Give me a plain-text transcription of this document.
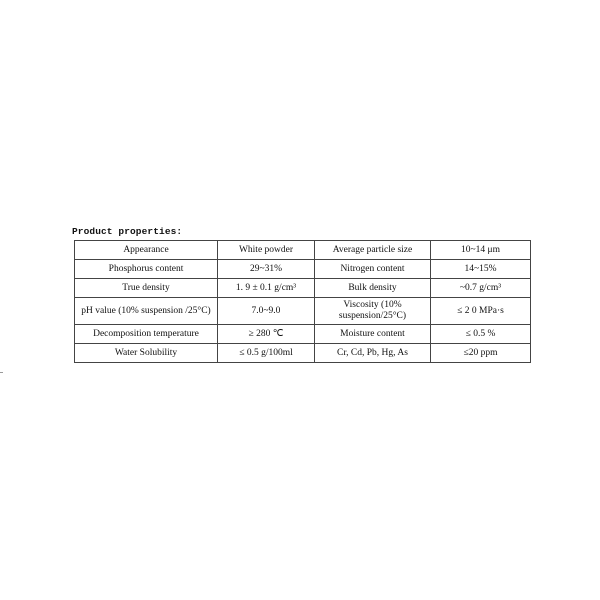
Product properties:
Appearance	White powder	Average particle size	10~14 μm
Phosphorus content	29~31%	Nitrogen content	14~15%
True density	1. 9 ± 0.1 g/cm³	Bulk density	~0.7 g/cm³
pH value (10% suspension /25°C)	7.0~9.0	Viscosity (10% suspension/25°C)	≤ 2 0 MPa·s
Decomposition temperature	≥ 280 ℃	Moisture content	≤ 0.5 %
Water Solubility	≤ 0.5 g/100ml	Cr, Cd, Pb, Hg, As	≤20 ppm
